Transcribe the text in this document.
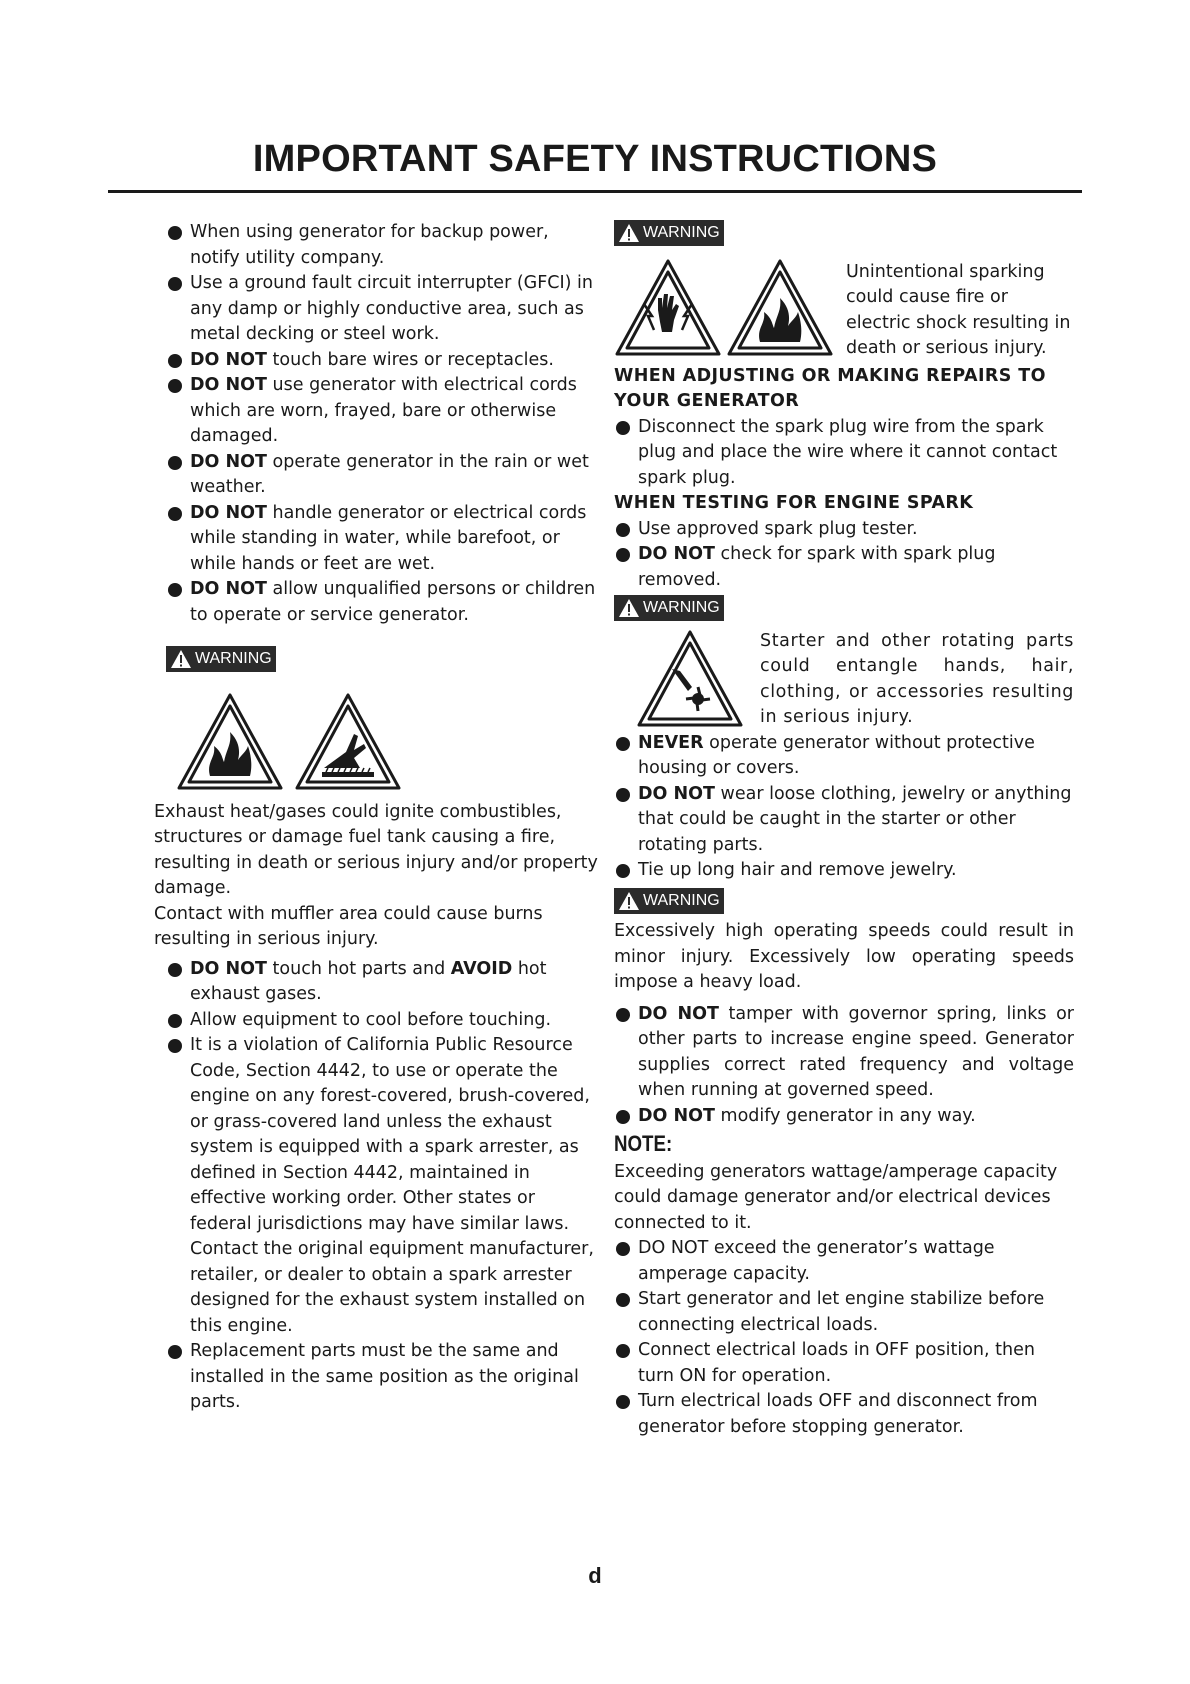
IMPORTANT SAFETY INSTRUCTIONS
When using generator for backup power, notify utility company.
Use a ground fault circuit interrupter (GFCI) in any damp or highly conductive area, such as metal decking or steel work.
DO NOT touch bare wires or receptacles.
DO NOT use generator with electrical cords which are worn, frayed, bare or otherwise damaged.
DO NOT operate generator in the rain or wet weather.
DO NOT handle generator or electrical cords while standing in water, while barefoot, or while hands or feet are wet.
DO NOT allow unqualified persons or children to operate or service generator.
WARNING

Exhaust heat/gases could ignite combustibles, structures or damage fuel tank causing a fire, resulting in death or serious injury and/or property damage.

Contact with muffler area could cause burns resulting in serious injury.

DO NOT touch hot parts and AVOID hot exhaust gases.
Allow equipment to cool before touching.
It is a violation of California Public Resource Code, Section 4442, to use or operate the engine on any forest-covered, brush-covered, or grass-covered land unless the exhaust system is equipped with a spark arrester, as defined in Section 4442, maintained in effective working order. Other states or federal jurisdictions may have similar laws. Contact the original equipment manufacturer, retailer, or dealer to obtain a spark arrester designed for the exhaust system installed on this engine.
Replacement parts must be the same and installed in the same position as the original parts.
WARNING

Unintentional sparking could cause fire or electric shock resulting in death or serious injury.

WHEN ADJUSTING OR MAKING REPAIRS TO YOUR GENERATOR
Disconnect the spark plug wire from the spark plug and place the wire where it cannot contact spark plug.
WHEN TESTING FOR ENGINE SPARK
Use approved spark plug tester.
DO NOT check for spark with spark plug removed.
WARNING

Starter and other rotating parts could entangle hands, hair, clothing, or accessories resulting in serious injury.

NEVER operate generator without protective housing or covers.
DO NOT wear loose clothing, jewelry or anything that could be caught in the starter or other rotating parts.
Tie up long hair and remove jewelry.
WARNING

Excessively high operating speeds could result in minor injury. Excessively low operating speeds impose a heavy load.

DO NOT tamper with governor spring, links or other parts to increase engine speed. Generator supplies correct rated frequency and voltage when running at governed speed.
DO NOT modify generator in any way.
NOTE:

Exceeding generators wattage/amperage capacity could damage generator and/or electrical devices connected to it.

DO NOT exceed the generator’s wattage amperage capacity.
Start generator and let engine stabilize before connecting electrical loads.
Connect electrical loads in OFF position, then turn ON for operation.
Turn electrical loads OFF and disconnect from generator before stopping generator.
d
